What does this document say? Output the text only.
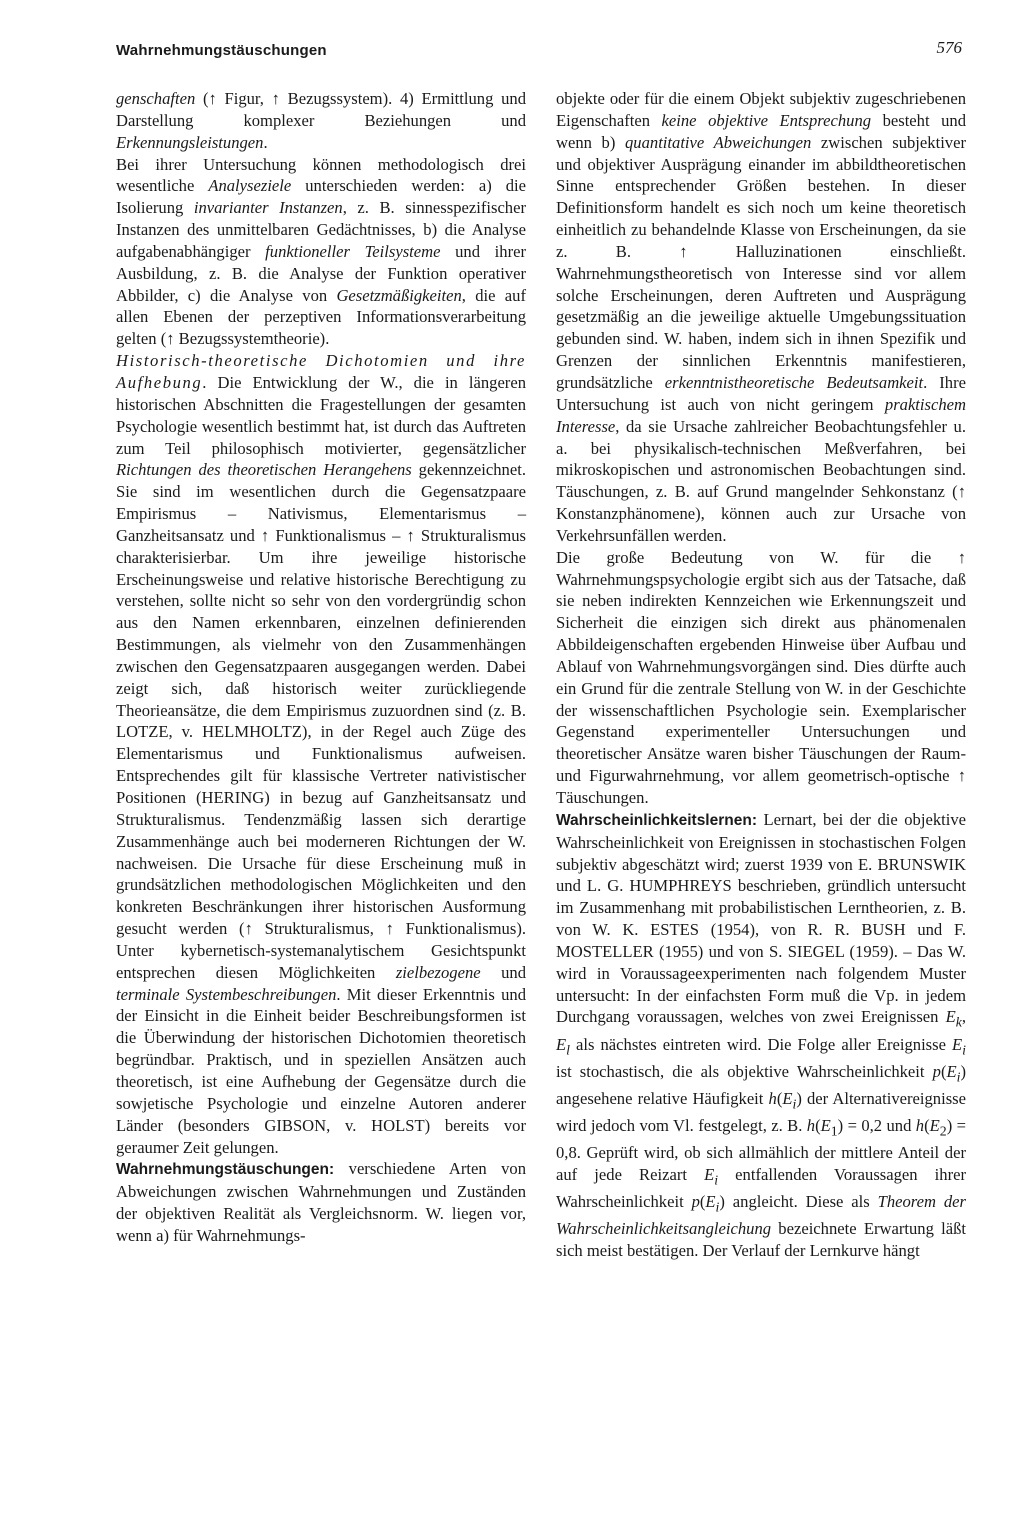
Wahrnehmungstäuschungen	576

genschaften (↑ Figur, ↑ Bezugssystem). 4) Ermittlung und Darstellung komplexer Beziehungen und Erkennungsleistungen.

Bei ihrer Untersuchung können methodologisch drei wesentliche Analyseziele unterschieden werden: a) die Isolierung invarianter Instanzen, z. B. sinnesspezifischer Instanzen des unmittelbaren Gedächtnisses, b) die Analyse aufgabenabhängiger funktioneller Teilsysteme und ihrer Ausbildung, z. B. die Analyse der Funktion operativer Abbilder, c) die Analyse von Gesetzmäßigkeiten, die auf allen Ebenen der perzeptiven Informationsverarbeitung gelten (↑ Bezugssystemtheorie).

Historisch-theoretische Dichotomien und ihre Aufhebung. Die Entwicklung der W., die in längeren historischen Abschnitten die Fragestellungen der gesamten Psychologie wesentlich bestimmt hat, ist durch das Auftreten zum Teil philosophisch motivierter, gegensätzlicher Richtungen des theoretischen Herangehens gekennzeichnet. Sie sind im wesentlichen durch die Gegensatzpaare Empirismus – Nativismus, Elementarismus – Ganzheitsansatz und ↑ Funktionalismus – ↑ Strukturalismus charakterisierbar. Um ihre jeweilige historische Erscheinungsweise und relative historische Berechtigung zu verstehen, sollte nicht so sehr von den vordergründig schon aus den Namen erkennbaren, einzelnen definierenden Bestimmungen, als vielmehr von den Zusammenhängen zwischen den Gegensatzpaaren ausgegangen werden. Dabei zeigt sich, daß historisch weiter zurückliegende Theorieansätze, die dem Empirismus zuzuordnen sind (z. B. LOTZE, v. HELMHOLTZ), in der Regel auch Züge des Elementarismus und Funktionalismus aufweisen. Entsprechendes gilt für klassische Vertreter nativistischer Positionen (HERING) in bezug auf Ganzheitsansatz und Strukturalismus. Tendenzmäßig lassen sich derartige Zusammenhänge auch bei moderneren Richtungen der W. nachweisen. Die Ursache für diese Erscheinung muß in grundsätzlichen methodologischen Möglichkeiten und den konkreten Beschränkungen ihrer historischen Ausformung gesucht werden (↑ Strukturalismus, ↑ Funktionalismus). Unter kybernetisch-systemanalytischem Gesichtspunkt entsprechen diesen Möglichkeiten zielbezogene und terminale Systembeschreibungen. Mit dieser Erkenntnis und der Einsicht in die Einheit beider Beschreibungsformen ist die Überwindung der historischen Dichotomien theoretisch begründbar. Praktisch, und in speziellen Ansätzen auch theoretisch, ist eine Aufhebung der Gegensätze durch die sowjetische Psychologie und einzelne Autoren anderer Länder (besonders GIBSON, v. HOLST) bereits vor geraumer Zeit gelungen.

Wahrnehmungstäuschungen: verschiedene Arten von Abweichungen zwischen Wahrnehmungen und Zuständen der objektiven Realität als Vergleichsnorm. W. liegen vor, wenn a) für Wahrnehmungs-

objekte oder für die einem Objekt subjektiv zugeschriebenen Eigenschaften keine objektive Entsprechung besteht und wenn b) quantitative Abweichungen zwischen subjektiver und objektiver Ausprägung einander im abbildtheoretischen Sinne entsprechender Größen bestehen. In dieser Definitionsform handelt es sich noch um keine theoretisch einheitlich zu behandelnde Klasse von Erscheinungen, da sie z. B. ↑ Halluzinationen einschließt. Wahrnehmungstheoretisch von Interesse sind vor allem solche Erscheinungen, deren Auftreten und Ausprägung gesetzmäßig an die jeweilige aktuelle Umgebungssituation gebunden sind. W. haben, indem sich in ihnen Spezifik und Grenzen der sinnlichen Erkenntnis manifestieren, grundsätzliche erkenntnistheoretische Bedeutsamkeit. Ihre Untersuchung ist auch von nicht geringem praktischem Interesse, da sie Ursache zahlreicher Beobachtungsfehler u. a. bei physikalisch-technischen Meßverfahren, bei mikroskopischen und astronomischen Beobachtungen sind. Täuschungen, z. B. auf Grund mangelnder Sehkonstanz (↑ Konstanzphänomene), können auch zur Ursache von Verkehrsunfällen werden.

Die große Bedeutung von W. für die ↑ Wahrnehmungspsychologie ergibt sich aus der Tatsache, daß sie neben indirekten Kennzeichen wie Erkennungszeit und Sicherheit die einzigen sich direkt aus phänomenalen Abbildeigenschaften ergebenden Hinweise über Aufbau und Ablauf von Wahrnehmungsvorgängen sind. Dies dürfte auch ein Grund für die zentrale Stellung von W. in der Geschichte der wissenschaftlichen Psychologie sein. Exemplarischer Gegenstand experimenteller Untersuchungen und theoretischer Ansätze waren bisher Täuschungen der Raum- und Figurwahrnehmung, vor allem geometrisch-optische ↑ Täuschungen.

Wahrscheinlichkeitslernen: Lernart, bei der die objektive Wahrscheinlichkeit von Ereignissen in stochastischen Folgen subjektiv abgeschätzt wird; zuerst 1939 von E. BRUNSWIK und L. G. HUMPHREYS beschrieben, gründlich untersucht im Zusammenhang mit probabilistischen Lerntheorien, z. B. von W. K. ESTES (1954), von R. R. BUSH und F. MOSTELLER (1955) und von S. SIEGEL (1959). – Das W. wird in Voraussageexperimenten nach folgendem Muster untersucht: In der einfachsten Form muß die Vp. in jedem Durchgang voraussagen, welches von zwei Ereignissen $E_k$, $E_l$ als nächstes eintreten wird. Die Folge aller Ereignisse $E_i$ ist stochastisch, die als objektive Wahrscheinlichkeit $p(E_i)$ angesehene relative Häufigkeit $h(E_i)$ der Alternativereignisse wird jedoch vom Vl. festgelegt, z. B. $h(E_1) = 0,2$ und $h(E_2) = 0,8$. Geprüft wird, ob sich allmählich der mittlere Anteil der auf jede Reizart $E_i$ entfallenden Voraussagen ihrer Wahrscheinlichkeit $p(E_i)$ angleicht. Diese als Theorem der Wahrscheinlichkeitsangleichung bezeichnete Erwartung läßt sich meist bestätigen. Der Verlauf der Lernkurve hängt
